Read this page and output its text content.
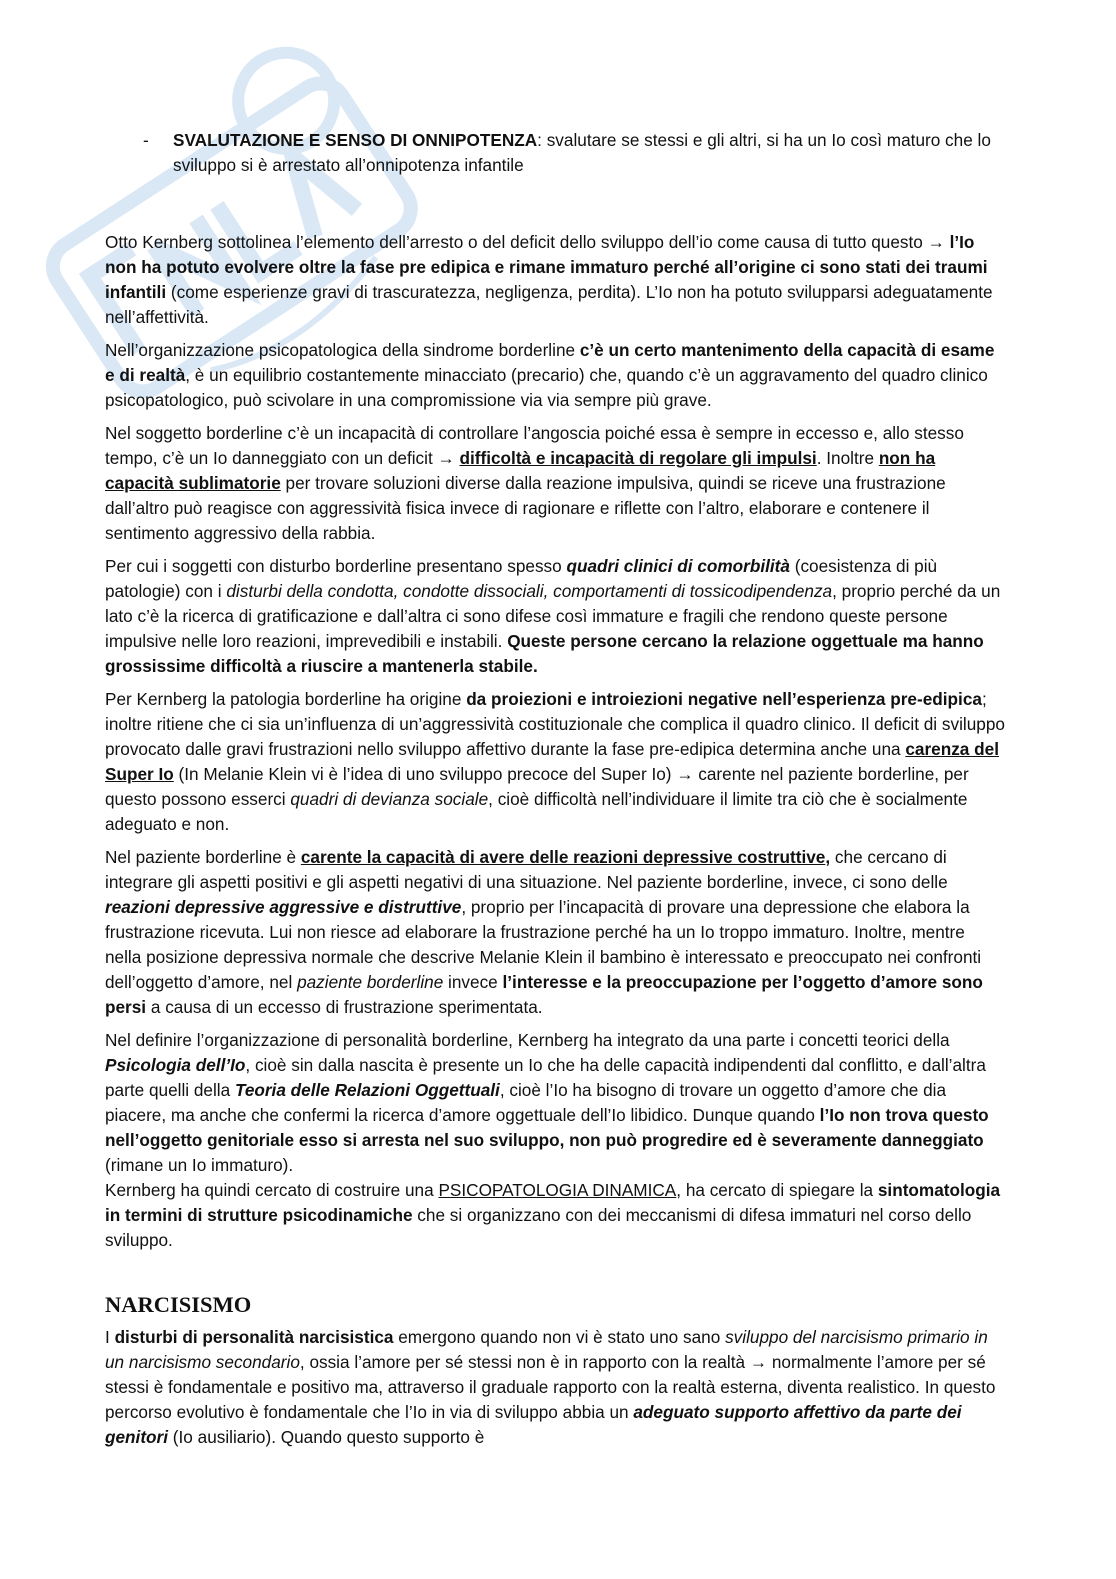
-	SVALUTAZIONE E SENSO DI ONNIPOTENZA: svalutare se stessi e gli altri, si ha un Io così maturo che lo sviluppo si è arrestato all’onnipotenza infantile

Otto Kernberg sottolinea l’elemento dell’arresto o del deficit dello sviluppo dell’io come causa di tutto questo → l’Io non ha potuto evolvere oltre la fase pre edipica e rimane immaturo perché all’origine ci sono stati dei traumi infantili (come esperienze gravi di trascuratezza, negligenza, perdita). L’Io non ha potuto svilupparsi adeguatamente nell’affettività.

Nell’organizzazione psicopatologica della sindrome borderline c’è un certo mantenimento della capacità di esame e di realtà, è un equilibrio costantemente minacciato (precario) che, quando c’è un aggravamento del quadro clinico psicopatologico, può scivolare in una compromissione via via sempre più grave.

Nel soggetto borderline c’è un incapacità di controllare l’angoscia poiché essa è sempre in eccesso e, allo stesso tempo, c’è un Io danneggiato con un deficit → difficoltà e incapacità di regolare gli impulsi. Inoltre non ha capacità sublimatorie per trovare soluzioni diverse dalla reazione impulsiva, quindi se riceve una frustrazione dall’altro può reagisce con aggressività fisica invece di ragionare e riflette con l’altro, elaborare e contenere il sentimento aggressivo della rabbia.

Per cui i soggetti con disturbo borderline presentano spesso quadri clinici di comorbilità (coesistenza di più patologie) con i disturbi della condotta, condotte dissociali, comportamenti di tossicodipendenza, proprio perché da un lato c’è la ricerca di gratificazione e dall’altra ci sono difese così immature e fragili che rendono queste persone impulsive nelle loro reazioni, imprevedibili e instabili. Queste persone cercano la relazione oggettuale ma hanno grossissime difficoltà a riuscire a mantenerla stabile.

Per Kernberg la patologia borderline ha origine da proiezioni e introiezioni negative nell’esperienza pre-edipica; inoltre ritiene che ci sia un’influenza di un’aggressività costituzionale che complica il quadro clinico. Il deficit di sviluppo provocato dalle gravi frustrazioni nello sviluppo affettivo durante la fase pre-edipica determina anche una carenza del Super Io (In Melanie Klein vi è l’idea di uno sviluppo precoce del Super Io) → carente nel paziente borderline, per questo possono esserci quadri di devianza sociale, cioè difficoltà nell’individuare il limite tra ciò che è socialmente adeguato e non.

Nel paziente borderline è carente la capacità di avere delle reazioni depressive costruttive, che cercano di integrare gli aspetti positivi e gli aspetti negativi di una situazione. Nel paziente borderline, invece, ci sono delle reazioni depressive aggressive e distruttive, proprio per l’incapacità di provare una depressione che elabora la frustrazione ricevuta. Lui non riesce ad elaborare la frustrazione perché ha un Io troppo immaturo. Inoltre, mentre nella posizione depressiva normale che descrive Melanie Klein il bambino è interessato e preoccupato nei confronti dell’oggetto d’amore, nel paziente borderline invece l’interesse e la preoccupazione per l’oggetto d’amore sono persi a causa di un eccesso di frustrazione sperimentata.

Nel definire l’organizzazione di personalità borderline, Kernberg ha integrato da una parte i concetti teorici della Psicologia dell’Io, cioè sin dalla nascita è presente un Io che ha delle capacità indipendenti dal conflitto, e dall’altra parte quelli della Teoria delle Relazioni Oggettuali, cioè l’Io ha bisogno di trovare un oggetto d’amore che dia piacere, ma anche che confermi la ricerca d’amore oggettuale dell’Io libidico. Dunque quando l’Io non trova questo nell’oggetto genitoriale esso si arresta nel suo sviluppo, non può progredire ed è severamente danneggiato (rimane un Io immaturo).
Kernberg ha quindi cercato di costruire una PSICOPATOLOGIA DINAMICA, ha cercato di spiegare la sintomatologia in termini di strutture psicodinamiche che si organizzano con dei meccanismi di difesa immaturi nel corso dello sviluppo.

NARCISISMO

I disturbi di personalità narcisistica emergono quando non vi è stato uno sano sviluppo del narcisismo primario in un narcisismo secondario, ossia l’amore per sé stessi non è in rapporto con la realtà → normalmente l’amore per sé stessi è fondamentale e positivo ma, attraverso il graduale rapporto con la realtà esterna, diventa realistico. In questo percorso evolutivo è fondamentale che l’Io in via di sviluppo abbia un adeguato supporto affettivo da parte dei genitori (Io ausiliario). Quando questo supporto è
